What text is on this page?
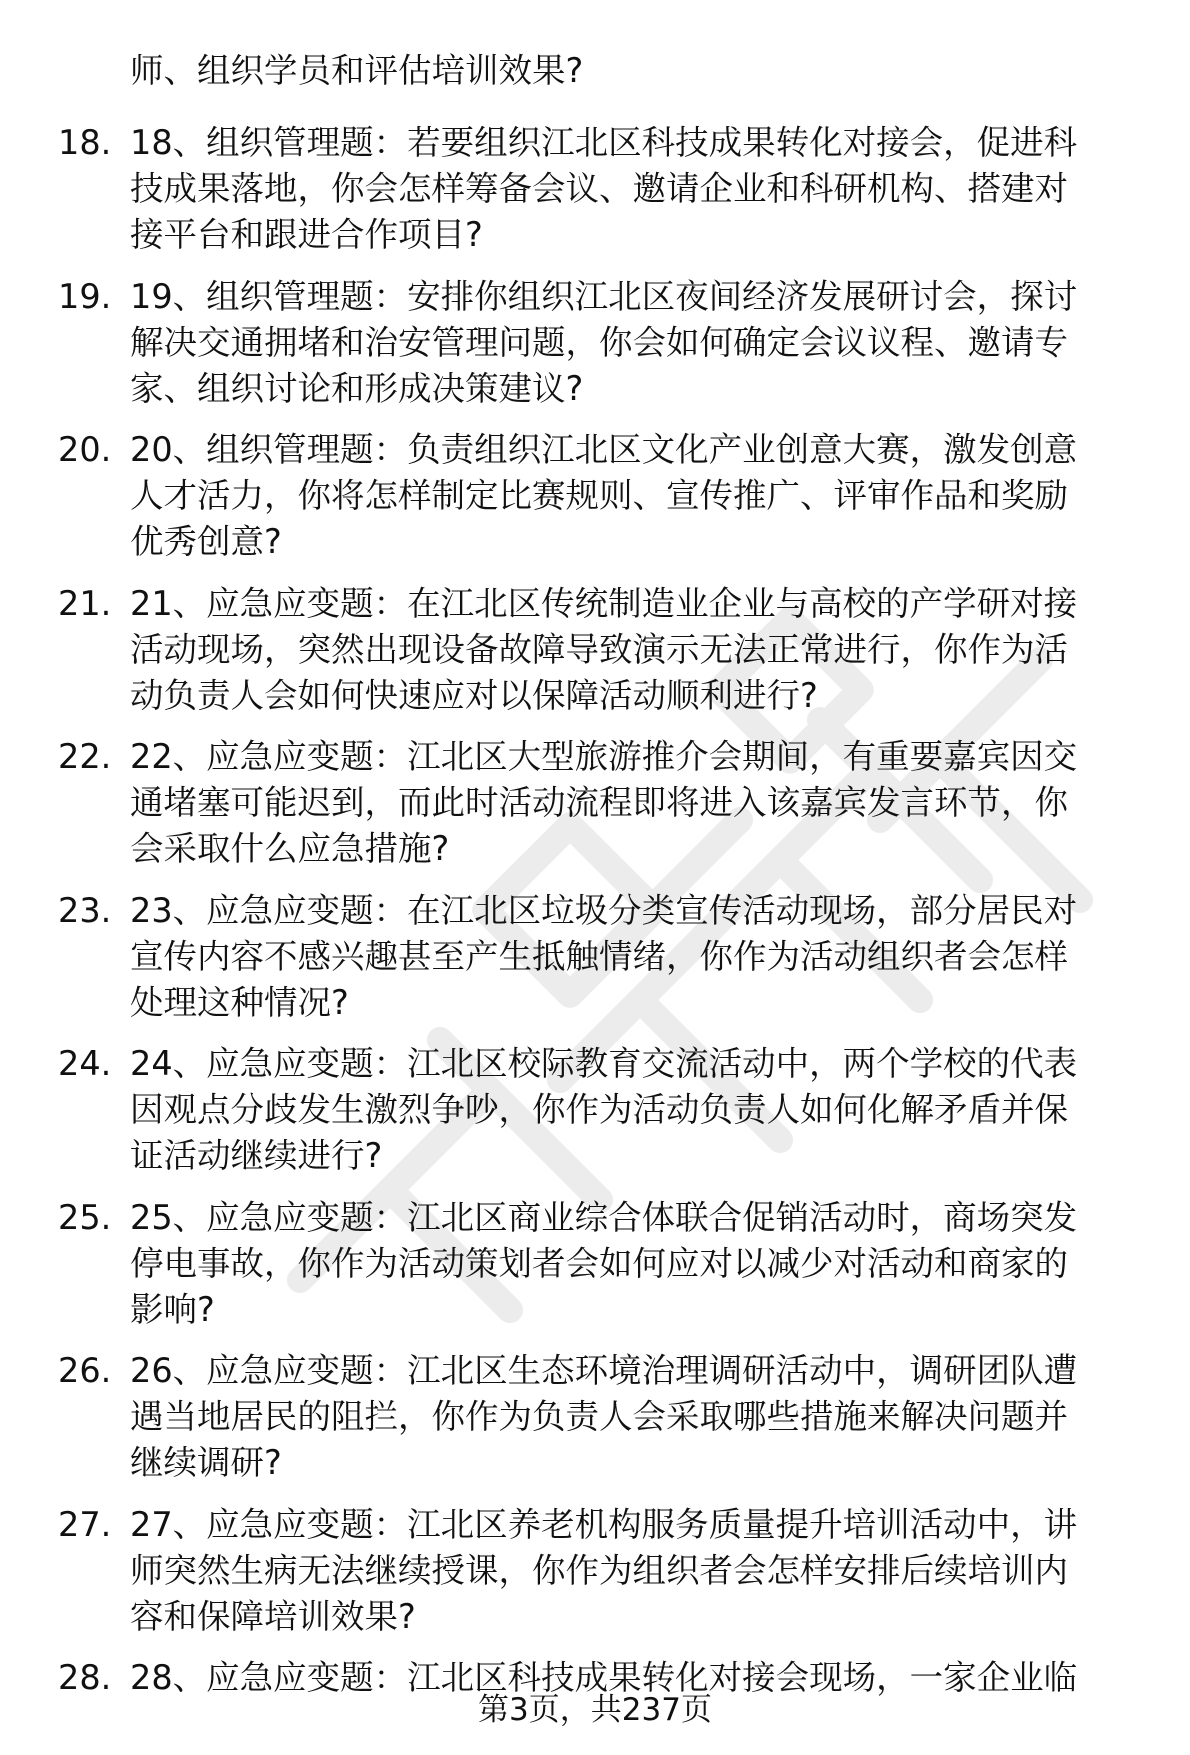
师、组织学员和评估培训效果?
18. 18、组织管理题：若要组织江北区科技成果转化对接会，促进科
技成果落地，你会怎样筹备会议、邀请企业和科研机构、搭建对
接平台和跟进合作项目?
19. 19、组织管理题：安排你组织江北区夜间经济发展研讨会，探讨
解决交通拥堵和治安管理问题，你会如何确定会议议程、邀请专
家、组织讨论和形成决策建议?
20. 20、组织管理题：负责组织江北区文化产业创意大赛，激发创意
人才活力，你将怎样制定比赛规则、宣传推广、评审作品和奖励
优秀创意?
21. 21、应急应变题：在江北区传统制造业企业与高校的产学研对接
活动现场，突然出现设备故障导致演示无法正常进行，你作为活
动负责人会如何快速应对以保障活动顺利进行?
22. 22、应急应变题：江北区大型旅游推介会期间，有重要嘉宾因交
通堵塞可能迟到，而此时活动流程即将进入该嘉宾发言环节，你
会采取什么应急措施?
23. 23、应急应变题：在江北区垃圾分类宣传活动现场，部分居民对
宣传内容不感兴趣甚至产生抵触情绪，你作为活动组织者会怎样
处理这种情况?
24. 24、应急应变题：江北区校际教育交流活动中，两个学校的代表
因观点分歧发生激烈争吵，你作为活动负责人如何化解矛盾并保
证活动继续进行?
25. 25、应急应变题：江北区商业综合体联合促销活动时，商场突发
停电事故，你作为活动策划者会如何应对以减少对活动和商家的
影响?
26. 26、应急应变题：江北区生态环境治理调研活动中，调研团队遭
遇当地居民的阻拦，你作为负责人会采取哪些措施来解决问题并
继续调研?
27. 27、应急应变题：江北区养老机构服务质量提升培训活动中，讲
师突然生病无法继续授课，你作为组织者会怎样安排后续培训内
容和保障培训效果?
28. 28、应急应变题：江北区科技成果转化对接会现场，一家企业临
第3页，共237页
